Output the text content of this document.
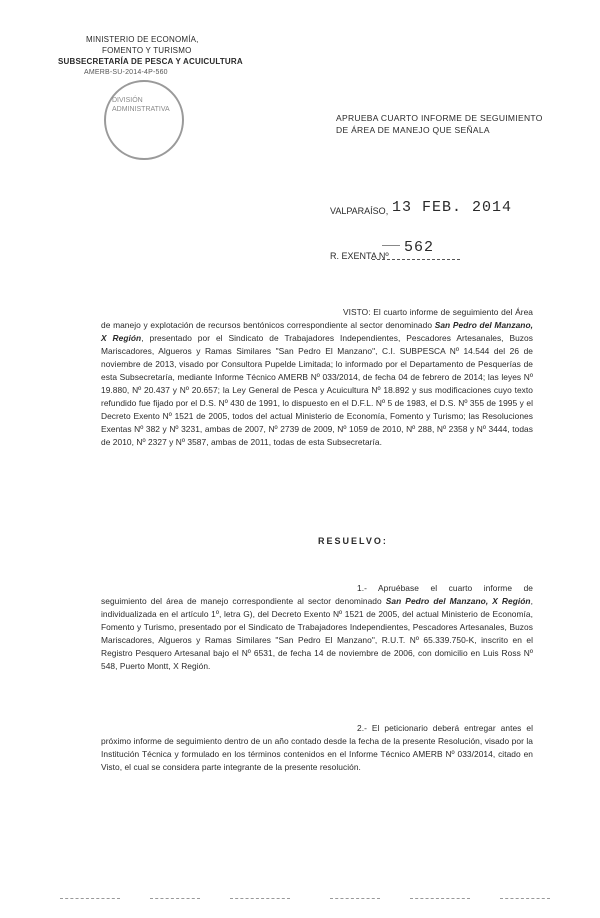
MINISTERIO DE ECONOMÍA,
FOMENTO Y TURISMO
SUBSECRETARÍA DE PESCA Y ACUICULTURA
AMERB-SU-2014-4P-560
DIVISIÓN
ADMINISTRATIVA
APRUEBA CUARTO INFORME DE SEGUIMIENTO DE ÁREA DE MANEJO QUE SEÑALA
VALPARAÍSO, 13 FEB. 2014
R. EXENTA Nº 562
VISTO: El cuarto informe de seguimiento del Área de manejo y explotación de recursos bentónicos correspondiente al sector denominado San Pedro del Manzano, X Región, presentado por el Sindicato de Trabajadores Independientes, Pescadores Artesanales, Buzos Mariscadores, Algueros y Ramas Similares "San Pedro El Manzano", C.I. SUBPESCA Nº 14.544 del 26 de noviembre de 2013, visado por Consultora Pupelde Limitada; lo informado por el Departamento de Pesquerías de esta Subsecretaría, mediante Informe Técnico AMERB Nº 033/2014, de fecha 04 de febrero de 2014; las leyes Nº 19.880, Nº 20.437 y Nº 20.657; la Ley General de Pesca y Acuicultura Nº 18.892 y sus modificaciones cuyo texto refundido fue fijado por el D.S. Nº 430 de 1991, lo dispuesto en el D.F.L. Nº 5 de 1983, el D.S. Nº 355 de 1995 y el Decreto Exento Nº 1521 de 2005, todos del actual Ministerio de Economía, Fomento y Turismo; las Resoluciones Exentas Nº 382 y Nº 3231, ambas de 2007, Nº 2739 de 2009, Nº 1059 de 2010, Nº 288, Nº 2358 y Nº 3444, todas de 2010, Nº 2327 y Nº 3587, ambas de 2011, todas de esta Subsecretaría.
RESUELVO:
1.- Apruébase el cuarto informe de seguimiento del área de manejo correspondiente al sector denominado San Pedro del Manzano, X Región, individualizada en el artículo 1º, letra G), del Decreto Exento Nº 1521 de 2005, del actual Ministerio de Economía, Fomento y Turismo, presentado por el Sindicato de Trabajadores Independientes, Pescadores Artesanales, Buzos Mariscadores, Algueros y Ramas Similares "San Pedro El Manzano", R.U.T. Nº 65.339.750-K, inscrito en el Registro Pesquero Artesanal bajo el Nº 6531, de fecha 14 de noviembre de 2006, con domicilio en Luis Ross Nº 548, Puerto Montt, X Región.
2.- El peticionario deberá entregar antes el próximo informe de seguimiento dentro de un año contado desde la fecha de la presente Resolución, visado por la Institución Técnica y formulado en los términos contenidos en el Informe Técnico AMERB Nº 033/2014, citado en Visto, el cual se considera parte integrante de la presente resolución.
